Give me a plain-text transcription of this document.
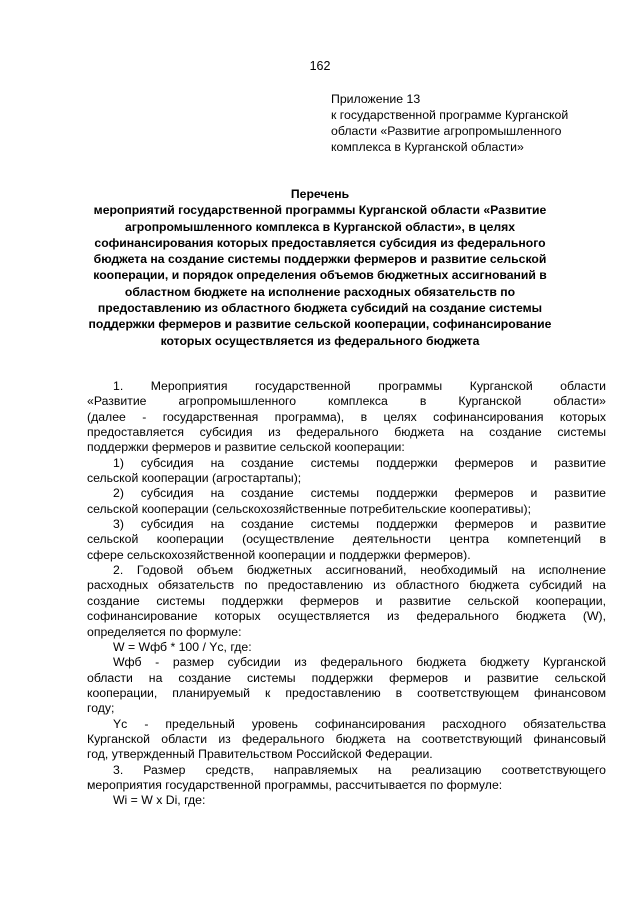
162
Приложение 13
к государственной программе Курганской
области «Развитие агропромышленного
комплекса в Курганской области»
Перечень
мероприятий государственной программы Курганской области «Развитие
агропромышленного комплекса в Курганской области», в целях
софинансирования которых предоставляется субсидия из федерального
бюджета на создание системы поддержки фермеров и развитие сельской
кооперации, и порядок определения объемов бюджетных ассигнований в
областном бюджете на исполнение расходных обязательств по
предоставлению из областного бюджета субсидий на создание системы
поддержки фермеров и развитие сельской кооперации, софинансирование
которых осуществляется из федерального бюджета
1. Мероприятия государственной программы Курганской области
«Развитие агропромышленного комплекса в Курганской области»
(далее - государственная программа), в целях софинансирования которых
предоставляется субсидия из федерального бюджета на создание системы
поддержки фермеров и развитие сельской кооперации:
1) субсидия на создание системы поддержки фермеров и развитие
сельской кооперации (агростартапы);
2) субсидия на создание системы поддержки фермеров и развитие
сельской кооперации (сельскохозяйственные потребительские кооперативы);
3) субсидия на создание системы поддержки фермеров и развитие
сельской кооперации (осуществление деятельности центра компетенций в
сфере сельскохозяйственной кооперации и поддержки фермеров).
2. Годовой объем бюджетных ассигнований, необходимый на исполнение
расходных обязательств по предоставлению из областного бюджета субсидий на
создание системы поддержки фермеров и развитие сельской кооперации,
софинансирование которых осуществляется из федерального бюджета (W),
определяется по формуле:
W = Wфб * 100 / Yc, где:
Wфб - размер субсидии из федерального бюджета бюджету Курганской
области на создание системы поддержки фермеров и развитие сельской
кооперации, планируемый к предоставлению в соответствующем финансовом
году;
Yc - предельный уровень софинансирования расходного обязательства
Курганской области из федерального бюджета на соответствующий финансовый
год, утвержденный Правительством Российской Федерации.
3. Размер средств, направляемых на реализацию соответствующего
мероприятия государственной программы, рассчитывается по формуле:
Wi = W x Di, где:
